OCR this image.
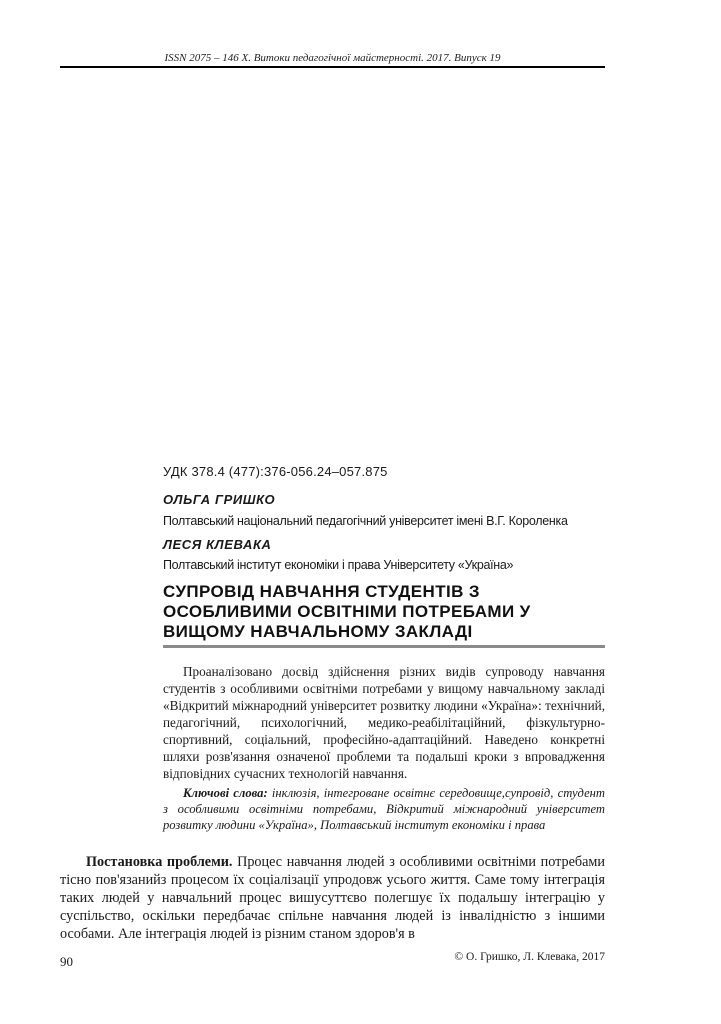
ISSN 2075 – 146 X. Витоки педагогічної майстерності. 2017. Випуск 19
УДК 378.4 (477):376-056.24–057.875
ОЛЬГА ГРИШКО
Полтавський національний педагогічний університет імені В.Г. Короленка
ЛЕСЯ КЛЕВАКА
Полтавський інститут економіки і права Університету «Україна»
СУПРОВІД НАВЧАННЯ СТУДЕНТІВ З ОСОБЛИВИМИ ОСВІТНІМИ ПОТРЕБАМИ У ВИЩОМУ НАВЧАЛЬНОМУ ЗАКЛАДІ
Проаналізовано досвід здійснення різних видів супроводу навчання студентів з особливими освітніми потребами у вищому навчальному закладі «Відкритий міжнародний університет розвитку людини «Україна»: технічний, педагогічний, психологічний, медико-реабілітаційний, фізкультурно-спортивний, соціальний, професійно-адаптаційний. Наведено конкретні шляхи розв'язання означеної проблеми та подальші кроки з впровадження відповідних сучасних технологій навчання.
Ключові слова: інклюзія, інтегроване освітнє середовище,супровід, студент з особливими освітніми потребами, Відкритий міжнародний університет розвитку людини «Україна», Полтавський інститут економіки і права
Постановка проблеми. Процес навчання людей з особливими освітніми потребами тісно пов'язанийз процесом їх соціалізації упродовж усього життя. Саме тому інтеграція таких людей у навчальний процес вишусуттєво полегшує їх подальшу інтеграцію у суспільство, оскільки передбачає спільне навчання людей із інвалідністю з іншими особами. Але інтеграція людей із різним станом здоров'я в
90	© О. Гришко, Л. Клевака, 2017
